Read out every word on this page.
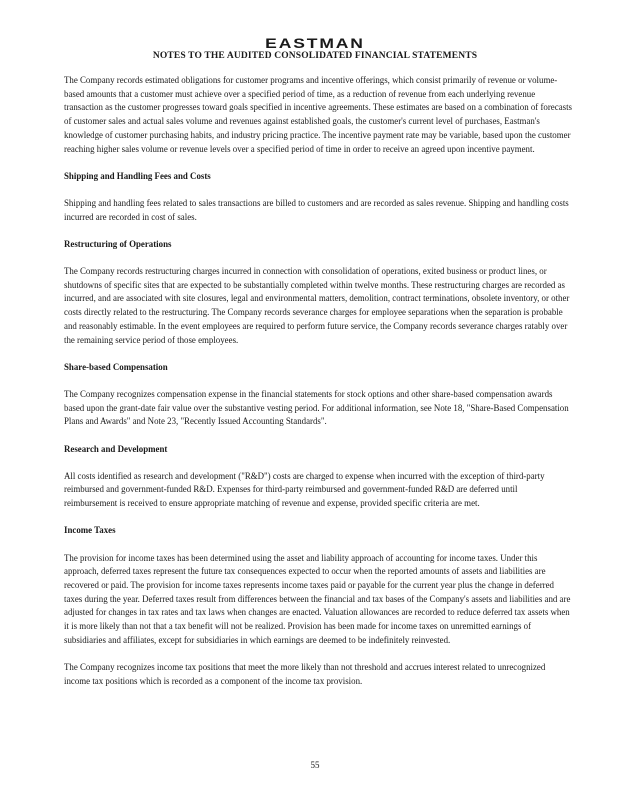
EASTMAN
NOTES TO THE AUDITED CONSOLIDATED FINANCIAL STATEMENTS

The Company records estimated obligations for customer programs and incentive offerings, which consist primarily of revenue or volume-based amounts that a customer must achieve over a specified period of time, as a reduction of revenue from each underlying revenue transaction as the customer progresses toward goals specified in incentive agreements. These estimates are based on a combination of forecasts of customer sales and actual sales volume and revenues against established goals, the customer's current level of purchases, Eastman's knowledge of customer purchasing habits, and industry pricing practice. The incentive payment rate may be variable, based upon the customer reaching higher sales volume or revenue levels over a specified period of time in order to receive an agreed upon incentive payment.

Shipping and Handling Fees and Costs

Shipping and handling fees related to sales transactions are billed to customers and are recorded as sales revenue. Shipping and handling costs incurred are recorded in cost of sales.

Restructuring of Operations

The Company records restructuring charges incurred in connection with consolidation of operations, exited business or product lines, or shutdowns of specific sites that are expected to be substantially completed within twelve months. These restructuring charges are recorded as incurred, and are associated with site closures, legal and environmental matters, demolition, contract terminations, obsolete inventory, or other costs directly related to the restructuring. The Company records severance charges for employee separations when the separation is probable and reasonably estimable. In the event employees are required to perform future service, the Company records severance charges ratably over the remaining service period of those employees.

Share-based Compensation

The Company recognizes compensation expense in the financial statements for stock options and other share-based compensation awards based upon the grant-date fair value over the substantive vesting period. For additional information, see Note 18, "Share-Based Compensation Plans and Awards" and Note 23, "Recently Issued Accounting Standards".

Research and Development

All costs identified as research and development ("R&D") costs are charged to expense when incurred with the exception of third-party reimbursed and government-funded R&D. Expenses for third-party reimbursed and government-funded R&D are deferred until reimbursement is received to ensure appropriate matching of revenue and expense, provided specific criteria are met.

Income Taxes

The provision for income taxes has been determined using the asset and liability approach of accounting for income taxes. Under this approach, deferred taxes represent the future tax consequences expected to occur when the reported amounts of assets and liabilities are recovered or paid. The provision for income taxes represents income taxes paid or payable for the current year plus the change in deferred taxes during the year. Deferred taxes result from differences between the financial and tax bases of the Company's assets and liabilities and are adjusted for changes in tax rates and tax laws when changes are enacted. Valuation allowances are recorded to reduce deferred tax assets when it is more likely than not that a tax benefit will not be realized. Provision has been made for income taxes on unremitted earnings of subsidiaries and affiliates, except for subsidiaries in which earnings are deemed to be indefinitely reinvested.

The Company recognizes income tax positions that meet the more likely than not threshold and accrues interest related to unrecognized income tax positions which is recorded as a component of the income tax provision.

55
